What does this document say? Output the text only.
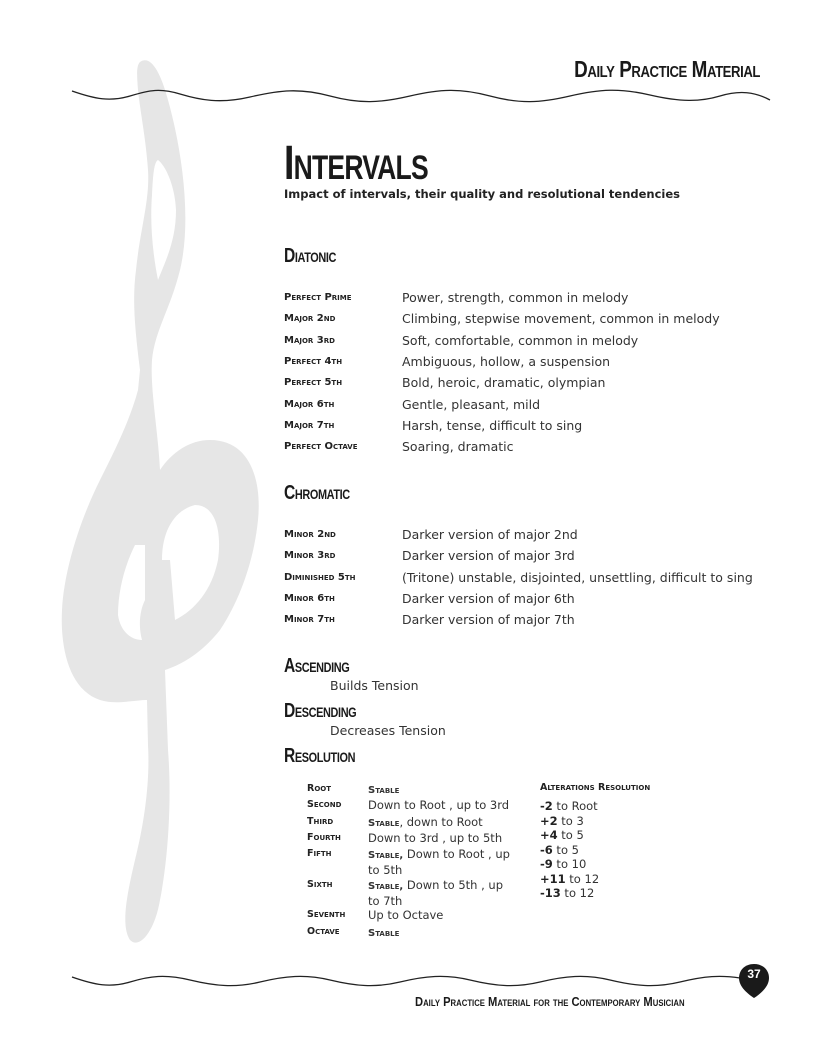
Daily Practice Material
Intervals
Impact of intervals, their quality and resolutional tendencies
Diatonic
Perfect Prime	Power, strength, common in melody
Major 2nd	Climbing, stepwise movement, common in melody
Major 3rd	Soft, comfortable, common in melody
Perfect 4th	Ambiguous, hollow, a suspension
Perfect 5th	Bold, heroic, dramatic, olympian
Major 6th	Gentle, pleasant, mild
Major 7th	Harsh, tense, difficult to sing
Perfect Octave	Soaring, dramatic
Chromatic
Minor 2nd	Darker version of major 2nd
Minor 3rd	Darker version of major 3rd
Diminished 5th	(Tritone) unstable, disjointed, unsettling, difficult to sing
Minor 6th	Darker version of major 6th
Minor 7th	Darker version of major 7th
Ascending
Builds Tension
Descending
Decreases Tension
Resolution
Root	Stable
Second	Down to Root , up to 3rd
Third	Stable, down to Root
Fourth	Down to 3rd , up to 5th
Fifth	Stable, Down to Root , up to 5th
Sixth	Stable, Down to 5th , up to 7th
Seventh	Up to Octave
Octave	Stable
Alterations Resolution
-2 to Root
+2 to 3
+4 to 5
-6 to 5
-9 to 10
+11 to 12
-13 to 12
37
Daily Practice Material for the Contemporary Musician
